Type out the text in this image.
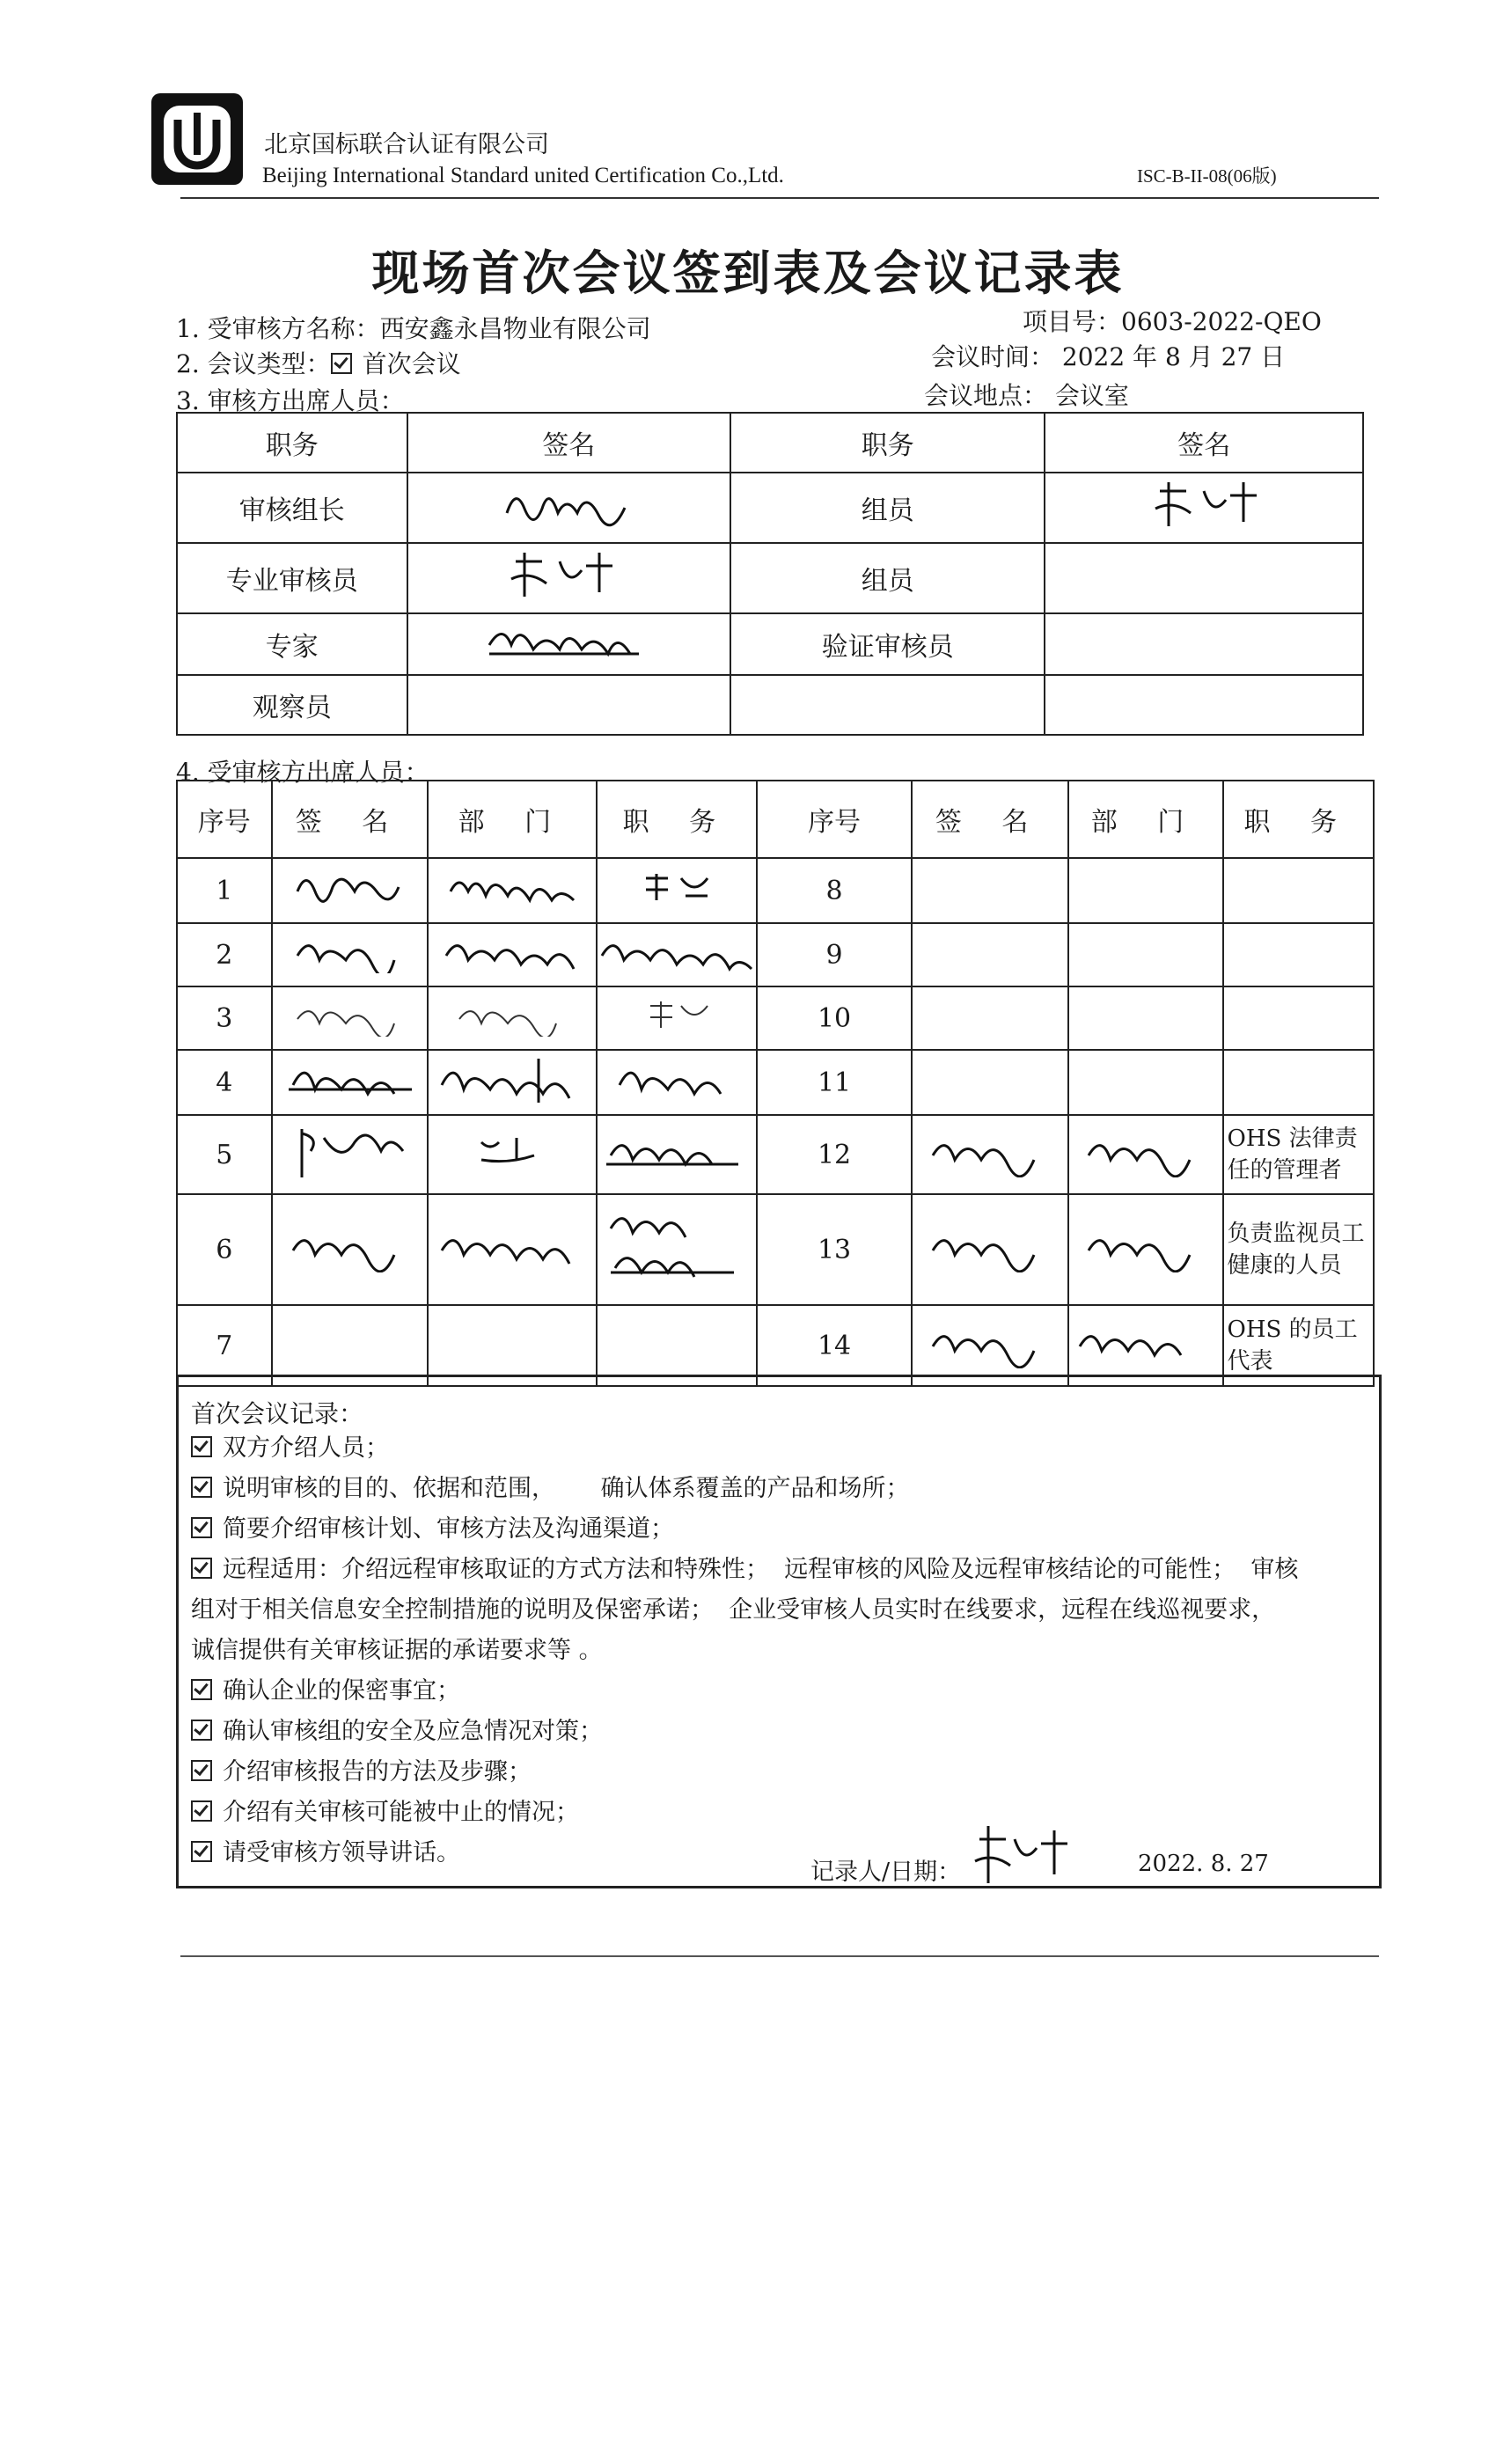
北京国标联合认证有限公司
Beijing International Standard united Certification Co.,Ltd.	ISC-B-II-08(06版)
现场首次会议签到表及会议记录表
1. 受审核方名称：西安鑫永昌物业有限公司	项目号：0603-2022-QEO
2. 会议类型： 首次会议	会议时间： 2022 年 8 月 27 日
3. 审核方出席人员：	会议地点： 会议室
职务	签名	职务	签名
审核组长		组员	
专业审核员		组员	
专家		验证审核员	
观察员			
4. 受审核方出席人员：
序号	签 名	部 门	职 务	序号	签 名	部 门	职 务
1				8			
2				9			
3				10			
4				11			
5				12			OHS 法律责任的管理者
6				13			负责监视员工健康的人员
7				14			OHS 的员工代表
首次会议记录：
双方介绍人员；
说明审核的目的、依据和范围，      确认体系覆盖的产品和场所；
简要介绍审核计划、审核方法及沟通渠道；
远程适用：介绍远程审核取证的方式方法和特殊性；  远程审核的风险及远程审核结论的可能性；  审核
组对于相关信息安全控制措施的说明及保密承诺；  企业受审核人员实时在线要求，远程在线巡视要求，
诚信提供有关审核证据的承诺要求等 。
确认企业的保密事宜；
确认审核组的安全及应急情况对策；
介绍审核报告的方法及步骤；
介绍有关审核可能被中止的情况；
请受审核方领导讲话。
记录人/日期：	2022. 8. 27
